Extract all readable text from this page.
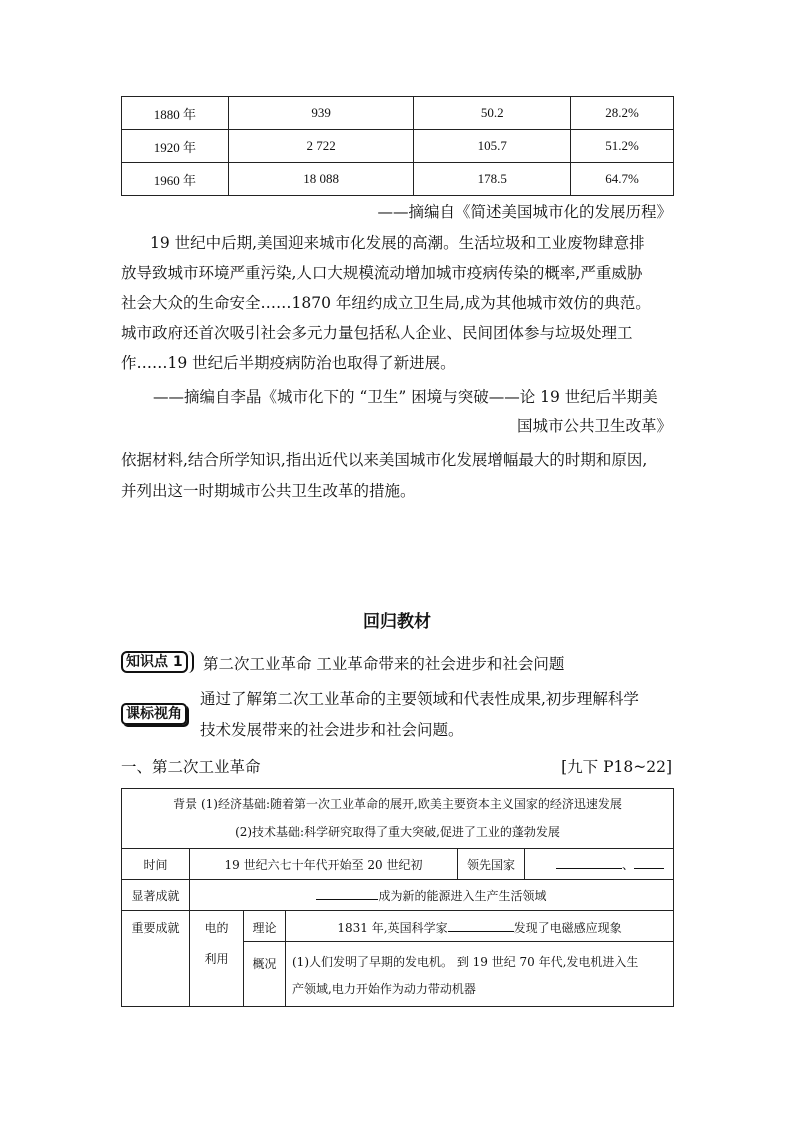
1880 年	939	50.2	28.2%
1920 年	2 722	105.7	51.2%
1960 年	18 088	178.5	64.7%
——摘编自《简述美国城市化的发展历程》
19 世纪中后期,美国迎来城市化发展的高潮。生活垃圾和工业废物肆意排
放导致城市环境严重污染,人口大规模流动增加城市疫病传染的概率,严重威胁
社会大众的生命安全……1870 年纽约成立卫生局,成为其他城市效仿的典范。
城市政府还首次吸引社会多元力量包括私人企业、民间团体参与垃圾处理工
作……19 世纪后半期疫病防治也取得了新进展。
——摘编自李晶《城市化下的 “卫生” 困境与突破——论 19 世纪后半期美
国城市公共卫生改革》
依据材料,结合所学知识,指出近代以来美国城市化发展增幅最大的时期和原因,
并列出这一时期城市公共卫生改革的措施。
回归教材
知识点 1	第二次工业革命 工业革命带来的社会进步和社会问题
课标视角
通过了解第二次工业革命的主要领域和代表性成果,初步理解科学
技术发展带来的社会进步和社会问题。
一、第二次工业革命	[九下 P18~22]
背景 (1)经济基础:随着第一次工业革命的展开,欧美主要资本主义国家的经济迅速发展
(2)技术基础:科学研究取得了重大突破,促进了工业的蓬勃发展
时间	19 世纪六七十年代开始至 20 世纪初	领先国家	、
显著成就	成为新的能源进入生产生活领域
重要成就	电的
利用
理论	1831 年,英国科学家	发现了电磁感应现象
概况	(1)人们发明了早期的发电机。 到 19 世纪 70 年代,发电机进入生
产领域,电力开始作为动力带动机器
